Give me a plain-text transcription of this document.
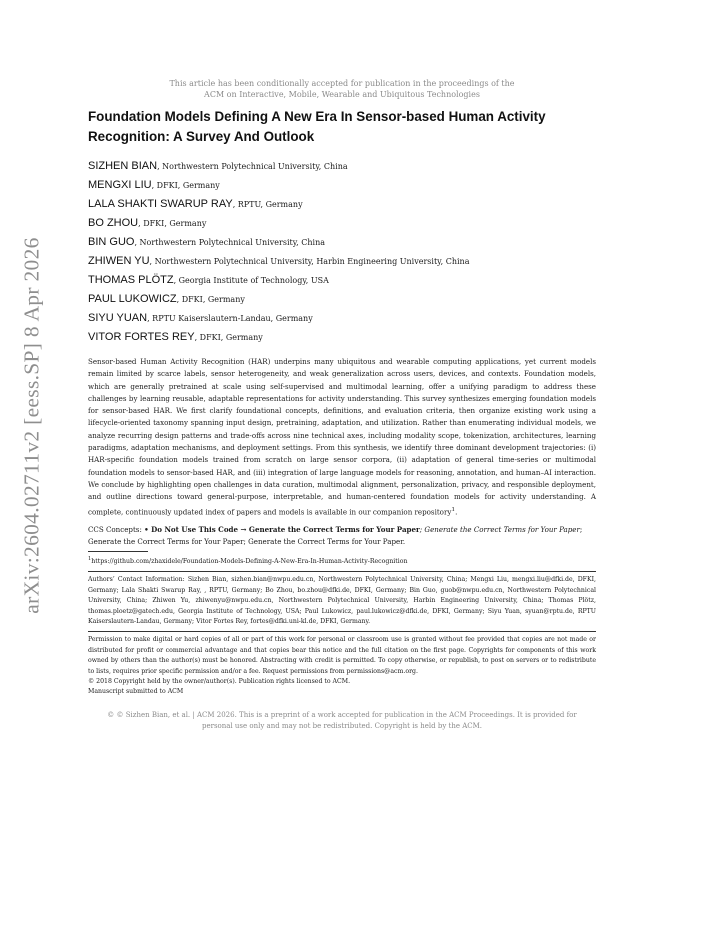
arXiv:2604.02711v2 [eess.SP] 8 Apr 2026
This article has been conditionally accepted for publication in the proceedings of the
ACM on Interactive, Mobile, Wearable and Ubiquitous Technologies
Foundation Models Defining A New Era In Sensor-based Human Activity
Recognition: A Survey And Outlook
SIZHEN BIAN, Northwestern Polytechnical University, China
MENGXI LIU, DFKI, Germany
LALA SHAKTI SWARUP RAY, RPTU, Germany
BO ZHOU, DFKI, Germany
BIN GUO, Northwestern Polytechnical University, China
ZHIWEN YU, Northwestern Polytechnical University, Harbin Engineering University, China
THOMAS PLÖTZ, Georgia Institute of Technology, USA
PAUL LUKOWICZ, DFKI, Germany
SIYU YUAN, RPTU Kaiserslautern-Landau, Germany
VITOR FORTES REY, DFKI, Germany
Sensor-based Human Activity Recognition (HAR) underpins many ubiquitous and wearable computing applications, yet current models remain limited by scarce labels, sensor heterogeneity, and weak generalization across users, devices, and contexts. Foundation models, which are generally pretrained at scale using self-supervised and multimodal learning, offer a unifying paradigm to address these challenges by learning reusable, adaptable representations for activity understanding. This survey synthesizes emerging foundation models for sensor-based HAR. We first clarify foundational concepts, definitions, and evaluation criteria, then organize existing work using a lifecycle-oriented taxonomy spanning input design, pretraining, adaptation, and utilization. Rather than enumerating individual models, we analyze recurring design patterns and trade-offs across nine technical axes, including modality scope, tokenization, architectures, learning paradigms, adaptation mechanisms, and deployment settings. From this synthesis, we identify three dominant development trajectories: (i) HAR-specific foundation models trained from scratch on large sensor corpora, (ii) adaptation of general time-series or multimodal foundation models to sensor-based HAR, and (iii) integration of large language models for reasoning, annotation, and human–AI interaction. We conclude by highlighting open challenges in data curation, multimodal alignment, personalization, privacy, and responsible deployment, and outline directions toward general-purpose, interpretable, and human-centered foundation models for activity understanding. A complete, continuously updated index of papers and models is available in our companion repository$^1$.
CCS Concepts: • Do Not Use This Code → Generate the Correct Terms for Your Paper; Generate the Correct Terms for Your Paper; Generate the Correct Terms for Your Paper; Generate the Correct Terms for Your Paper.
$^1$https://github.com/zhaxidele/Foundation-Models-Defining-A-New-Era-In-Human-Activity-Recognition
Authors’ Contact Information: Sizhen Bian, sizhen.bian@nwpu.edu.cn, Northwestern Polytechnical University, China; Mengxi Liu, mengxi.liu@dfki.de, DFKI, Germany; Lala Shakti Swarup Ray, , RPTU, Germany; Bo Zhou, bo.zhou@dfki.de, DFKI, Germany; Bin Guo, guob@nwpu.edu.cn, Northwestern Polytechnical University, China; Zhiwen Yu, zhiwenyu@nwpu.edu.cn, Northwestern Polytechnical University, Harbin Engineering University, China; Thomas Plötz, thomas.ploetz@gatech.edu, Georgia Institute of Technology, USA; Paul Lukowicz, paul.lukowicz@dfki.de, DFKI, Germany; Siyu Yuan, syuan@rptu.de, RPTU Kaiserslautern-Landau, Germany; Vitor Fortes Rey, fortes@dfki.uni-kl.de, DFKI, Germany.
Permission to make digital or hard copies of all or part of this work for personal or classroom use is granted without fee provided that copies are not made or distributed for profit or commercial advantage and that copies bear this notice and the full citation on the first page. Copyrights for components of this work owned by others than the author(s) must be honored. Abstracting with credit is permitted. To copy otherwise, or republish, to post on servers or to redistribute to lists, requires prior specific permission and/or a fee. Request permissions from permissions@acm.org.
© 2018 Copyright held by the owner/author(s). Publication rights licensed to ACM.
Manuscript submitted to ACM
© © Sizhen Bian, et al. | ACM 2026. This is a preprint of a work accepted for publication in the ACM Proceedings. It is provided for
personal use only and may not be redistributed. Copyright is held by the ACM.
